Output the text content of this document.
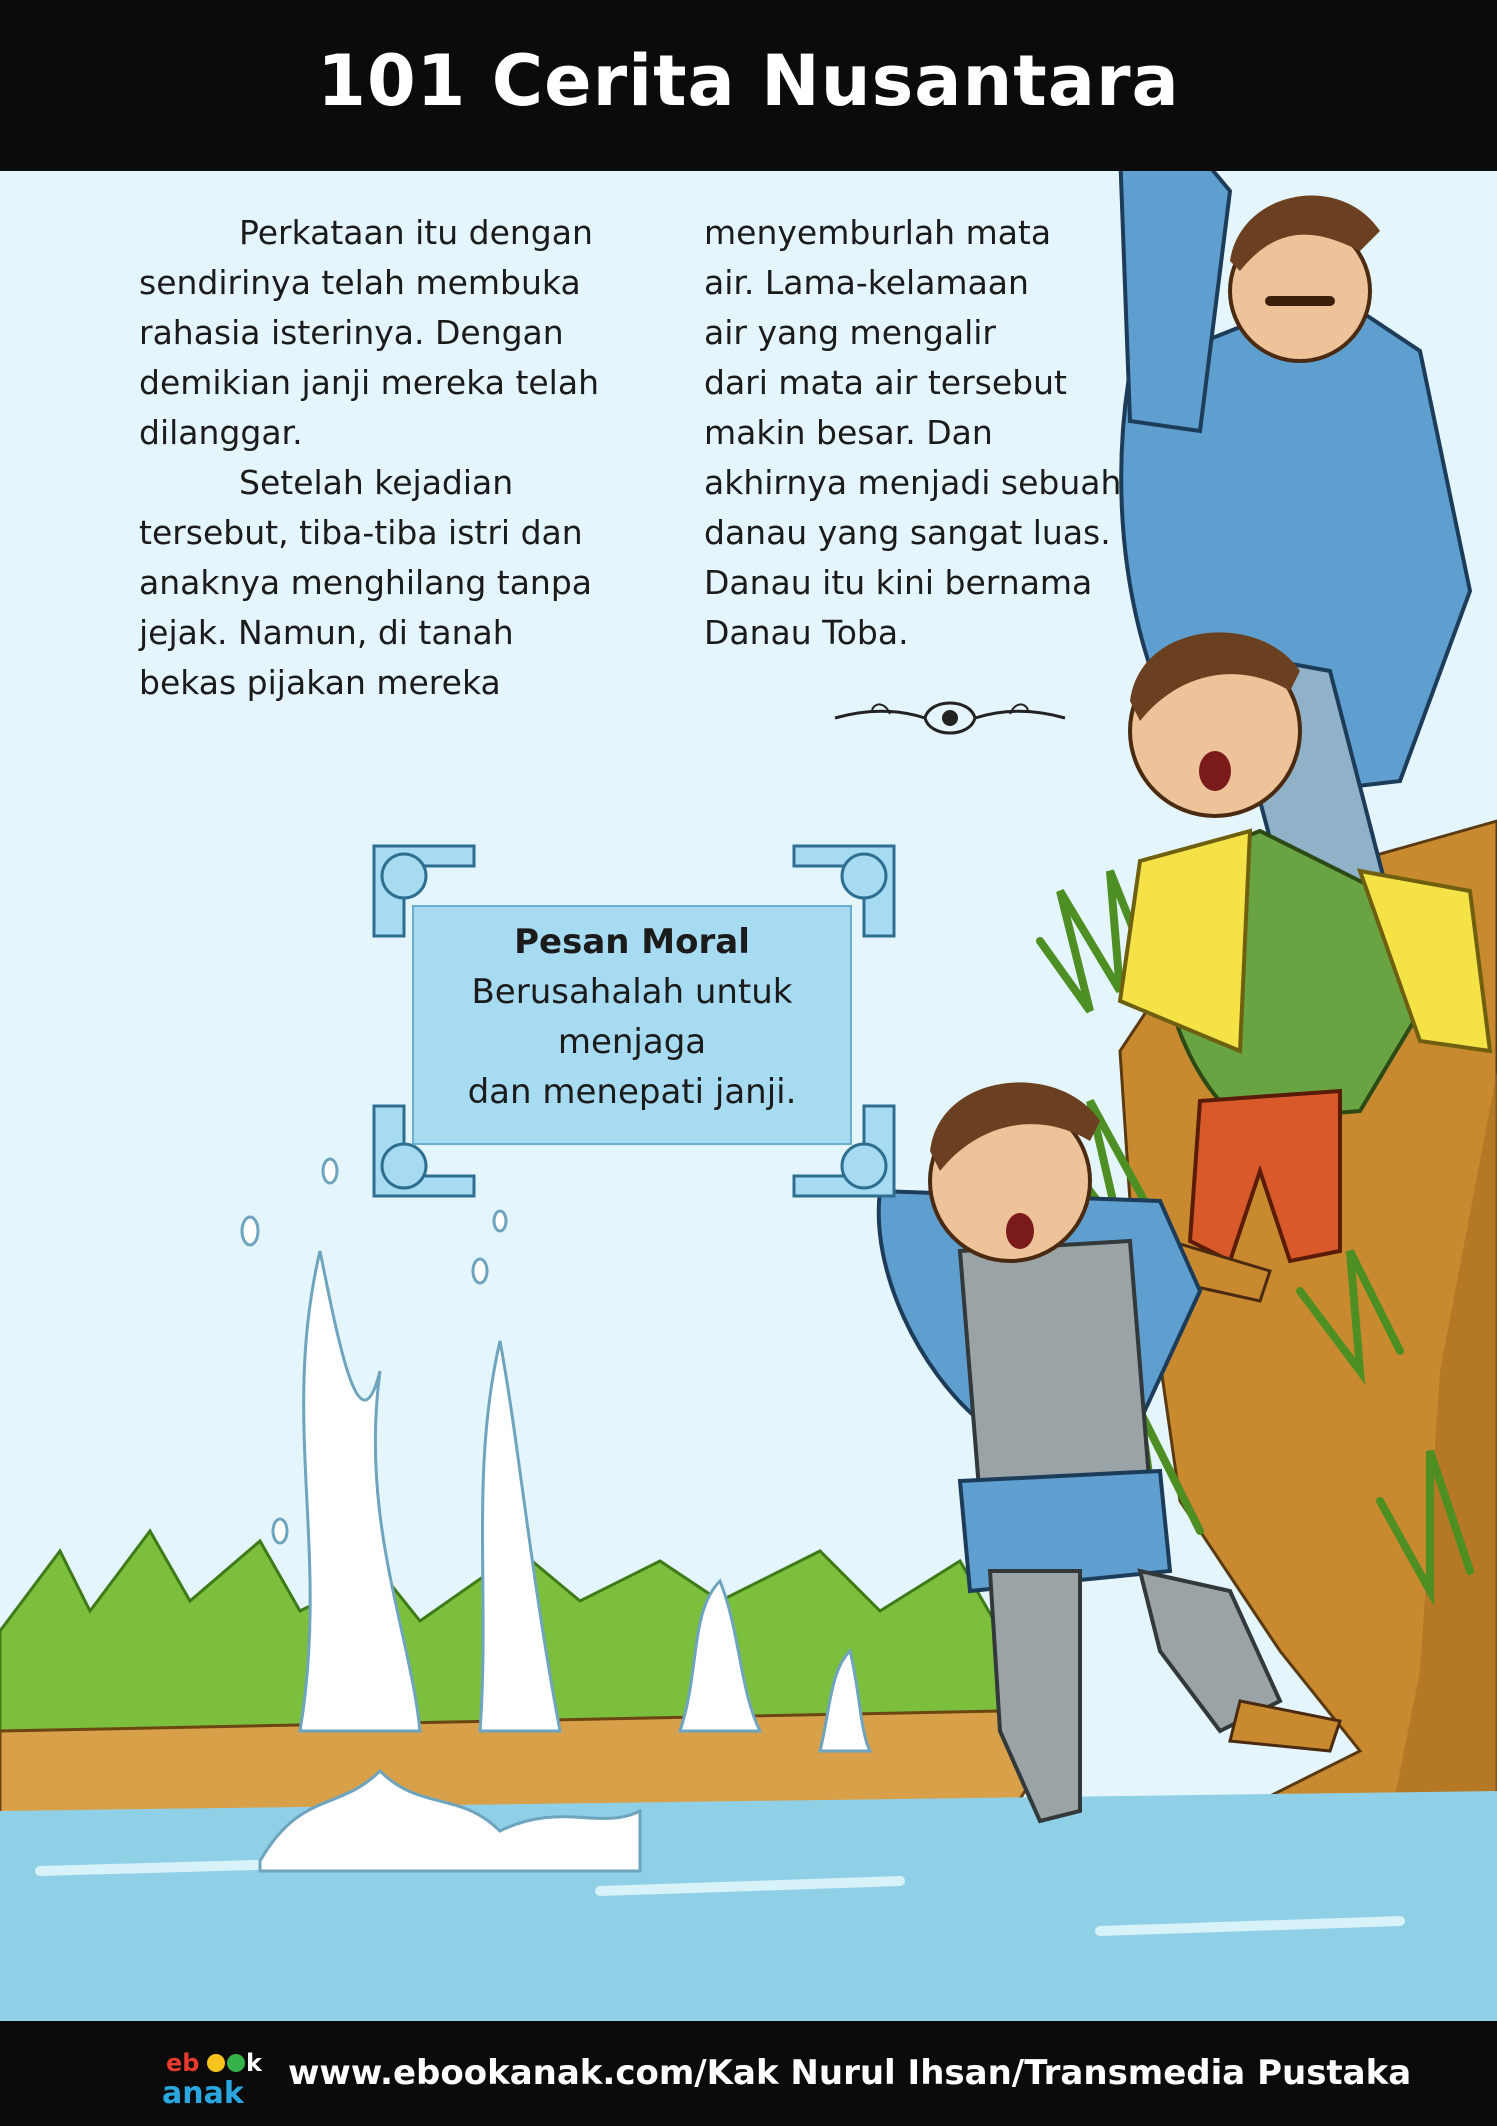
101 Cerita Nusantara

Perkataan itu dengan
sendirinya telah membuka
rahasia isterinya. Dengan
demikian janji mereka telah
dilanggar.

Setelah kejadian
tersebut, tiba-tiba istri dan
anaknya menghilang tanpa
jejak. Namun, di tanah
bekas pijakan mereka

menyemburlah mata
air. Lama-kelamaan
air yang mengalir
dari mata air tersebut
makin besar. Dan
akhirnya menjadi sebuah
danau yang sangat luas.
Danau itu kini bernama
Danau Toba.

Pesan Moral
Berusahalah untuk
menjaga
dan menepati janji.
eb k
anak
www.ebookanak.com/Kak Nurul Ihsan/Transmedia Pustaka
